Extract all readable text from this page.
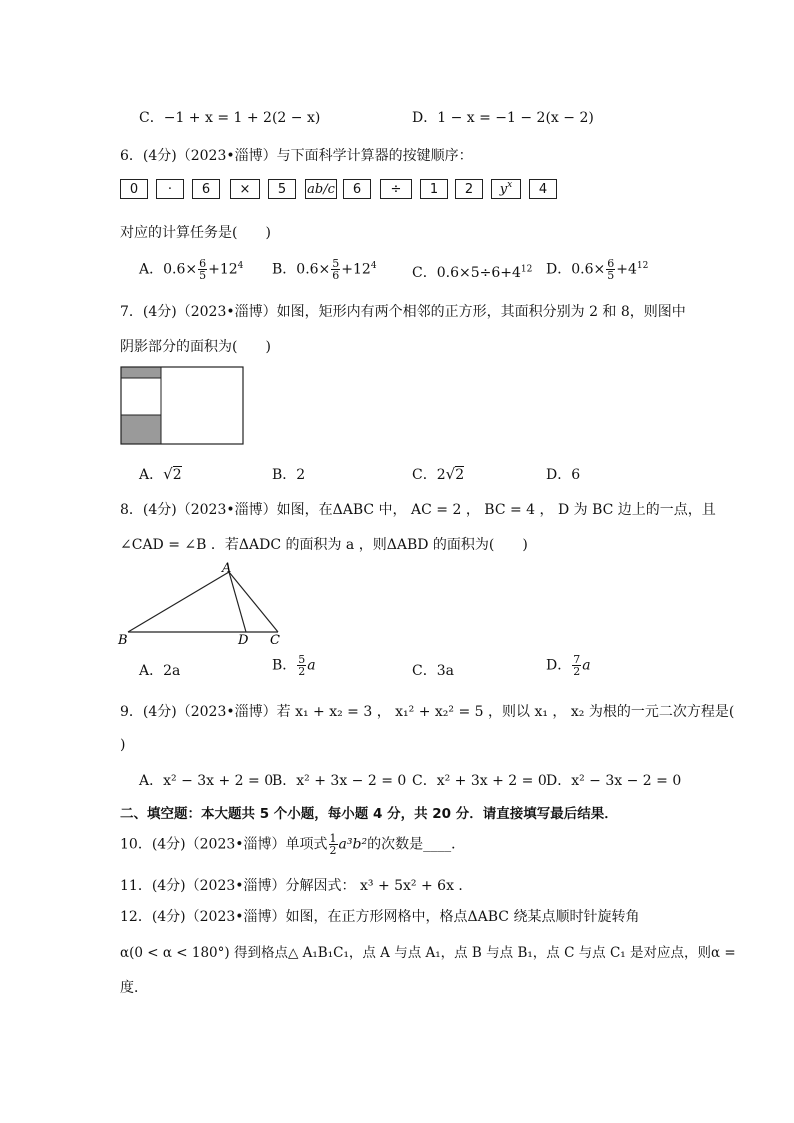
C．−1 + x = 1 + 2(2 − x)	D．1 − x = −1 − 2(x − 2)
6．(4分)（2023•淄博）与下面科学计算器的按键顺序：
0	·	6	×	5	ab/c	6	÷	1	2	$y^x$	4
对应的计算任务是(　　)
A．$0.6\times \frac{6}{5} +12^4$ B．$0.6\times \frac{5}{6} +12^4$	C．$0.6\times 5\div 6+4^{12}$ D．$0.6\times \frac{6}{5} +4^{12}$
7．(4分)（2023•淄博）如图，矩形内有两个相邻的正方形，其面积分别为 2 和 8，则图中
阴影部分的面积为(　　)
A．√2	B．2	C．2√2	D．6
8．(4分)（2023•淄博）如图，在ΔABC 中， AC = 2 ， BC = 4 ， D 为 BC 边上的一点，且
∠CAD = ∠B ．若ΔADC 的面积为 a ，则ΔABD 的面积为(　　)
A
B	D C
A．2a	B． $\frac{5}{2}$ a	C．3a	D． $\frac{7}{2}$ a
9．(4分)（2023•淄博）若 x₁ + x₂ = 3 ， x₁² + x₂² = 5 ，则以 x₁ ， x₂ 为根的一元二次方程是(
)
A．x² − 3x + 2 = 0
B．x² + 3x − 2 = 0 C．x² + 3x + 2 = 0 D．x² − 3x − 2 = 0
二、填空题：本大题共 5 个小题，每小题 4 分，共 20 分．请直接填写最后结果．
10．(4分)（2023•淄博）单项式 $\frac{1}{2} a^3b^2$的次数是____．
11．(4分)（2023•淄博）分解因式： x³ + 5x² + 6x ．
12．(4分)（2023•淄博）如图，在正方形网格中，格点ΔABC 绕某点顺时针旋转角
α(0 < α < 180°) 得到格点△ A₁B₁C₁，点 A 与点 A₁，点 B 与点 B₁，点 C 与点 C₁ 是对应点，则α =
度．
